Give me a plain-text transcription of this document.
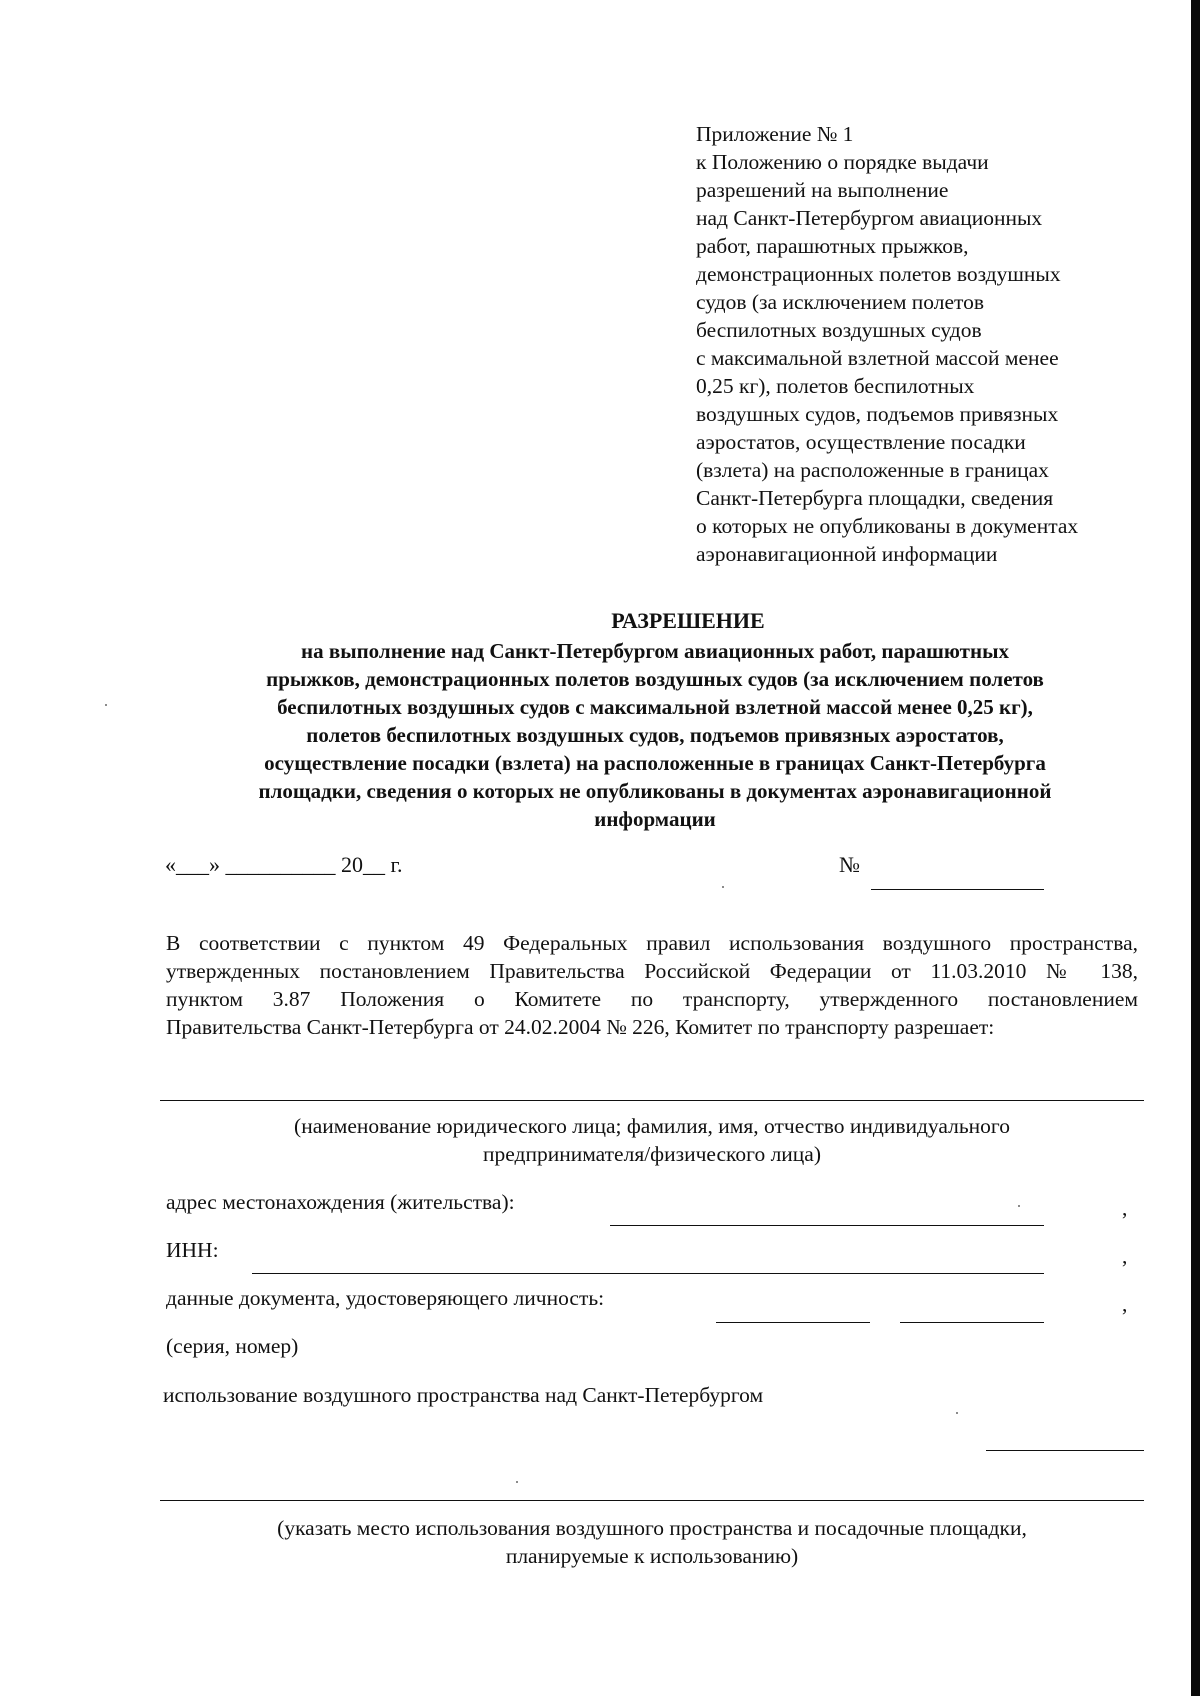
Приложение № 1
к Положению о порядке выдачи
разрешений на выполнение
над Санкт-Петербургом авиационных
работ, парашютных прыжков,
демонстрационных полетов воздушных
судов (за исключением полетов
беспилотных воздушных судов
с максимальной взлетной массой менее
0,25 кг), полетов беспилотных
воздушных судов, подъемов привязных
аэростатов, осуществление посадки
(взлета) на расположенные в границах
Санкт-Петербурга площадки, сведения
о которых не опубликованы в документах
аэронавигационной информации
РАЗРЕШЕНИЕ
на выполнение над Санкт-Петербургом авиационных работ, парашютных
прыжков, демонстрационных полетов воздушных судов (за исключением полетов
беспилотных воздушных судов с максимальной взлетной массой менее 0,25 кг),
полетов беспилотных воздушных судов, подъемов привязных аэростатов,
осуществление посадки (взлета) на расположенные в границах Санкт-Петербурга
площадки, сведения о которых не опубликованы в документах аэронавигационной
информации
«___» __________ 20__ г.	№
В соответствии с пунктом 49 Федеральных правил использования воздушного пространства,
утвержденных постановлением Правительства Российской Федерации от 11.03.2010 № 138,
пунктом 3.87 Положения о Комитете по транспорту, утвержденного постановлением
Правительства Санкт-Петербурга от 24.02.2004 № 226, Комитет по транспорту разрешает:
(наименование юридического лица; фамилия, имя, отчество индивидуального
предпринимателя/физического лица)
адрес местонахождения (жительства):	,
ИНН:	,
данные документа, удостоверяющего личность:	,
(серия, номер)
использование воздушного пространства над Санкт-Петербургом
(указать место использования воздушного пространства и посадочные площадки,
планируемые к использованию)
